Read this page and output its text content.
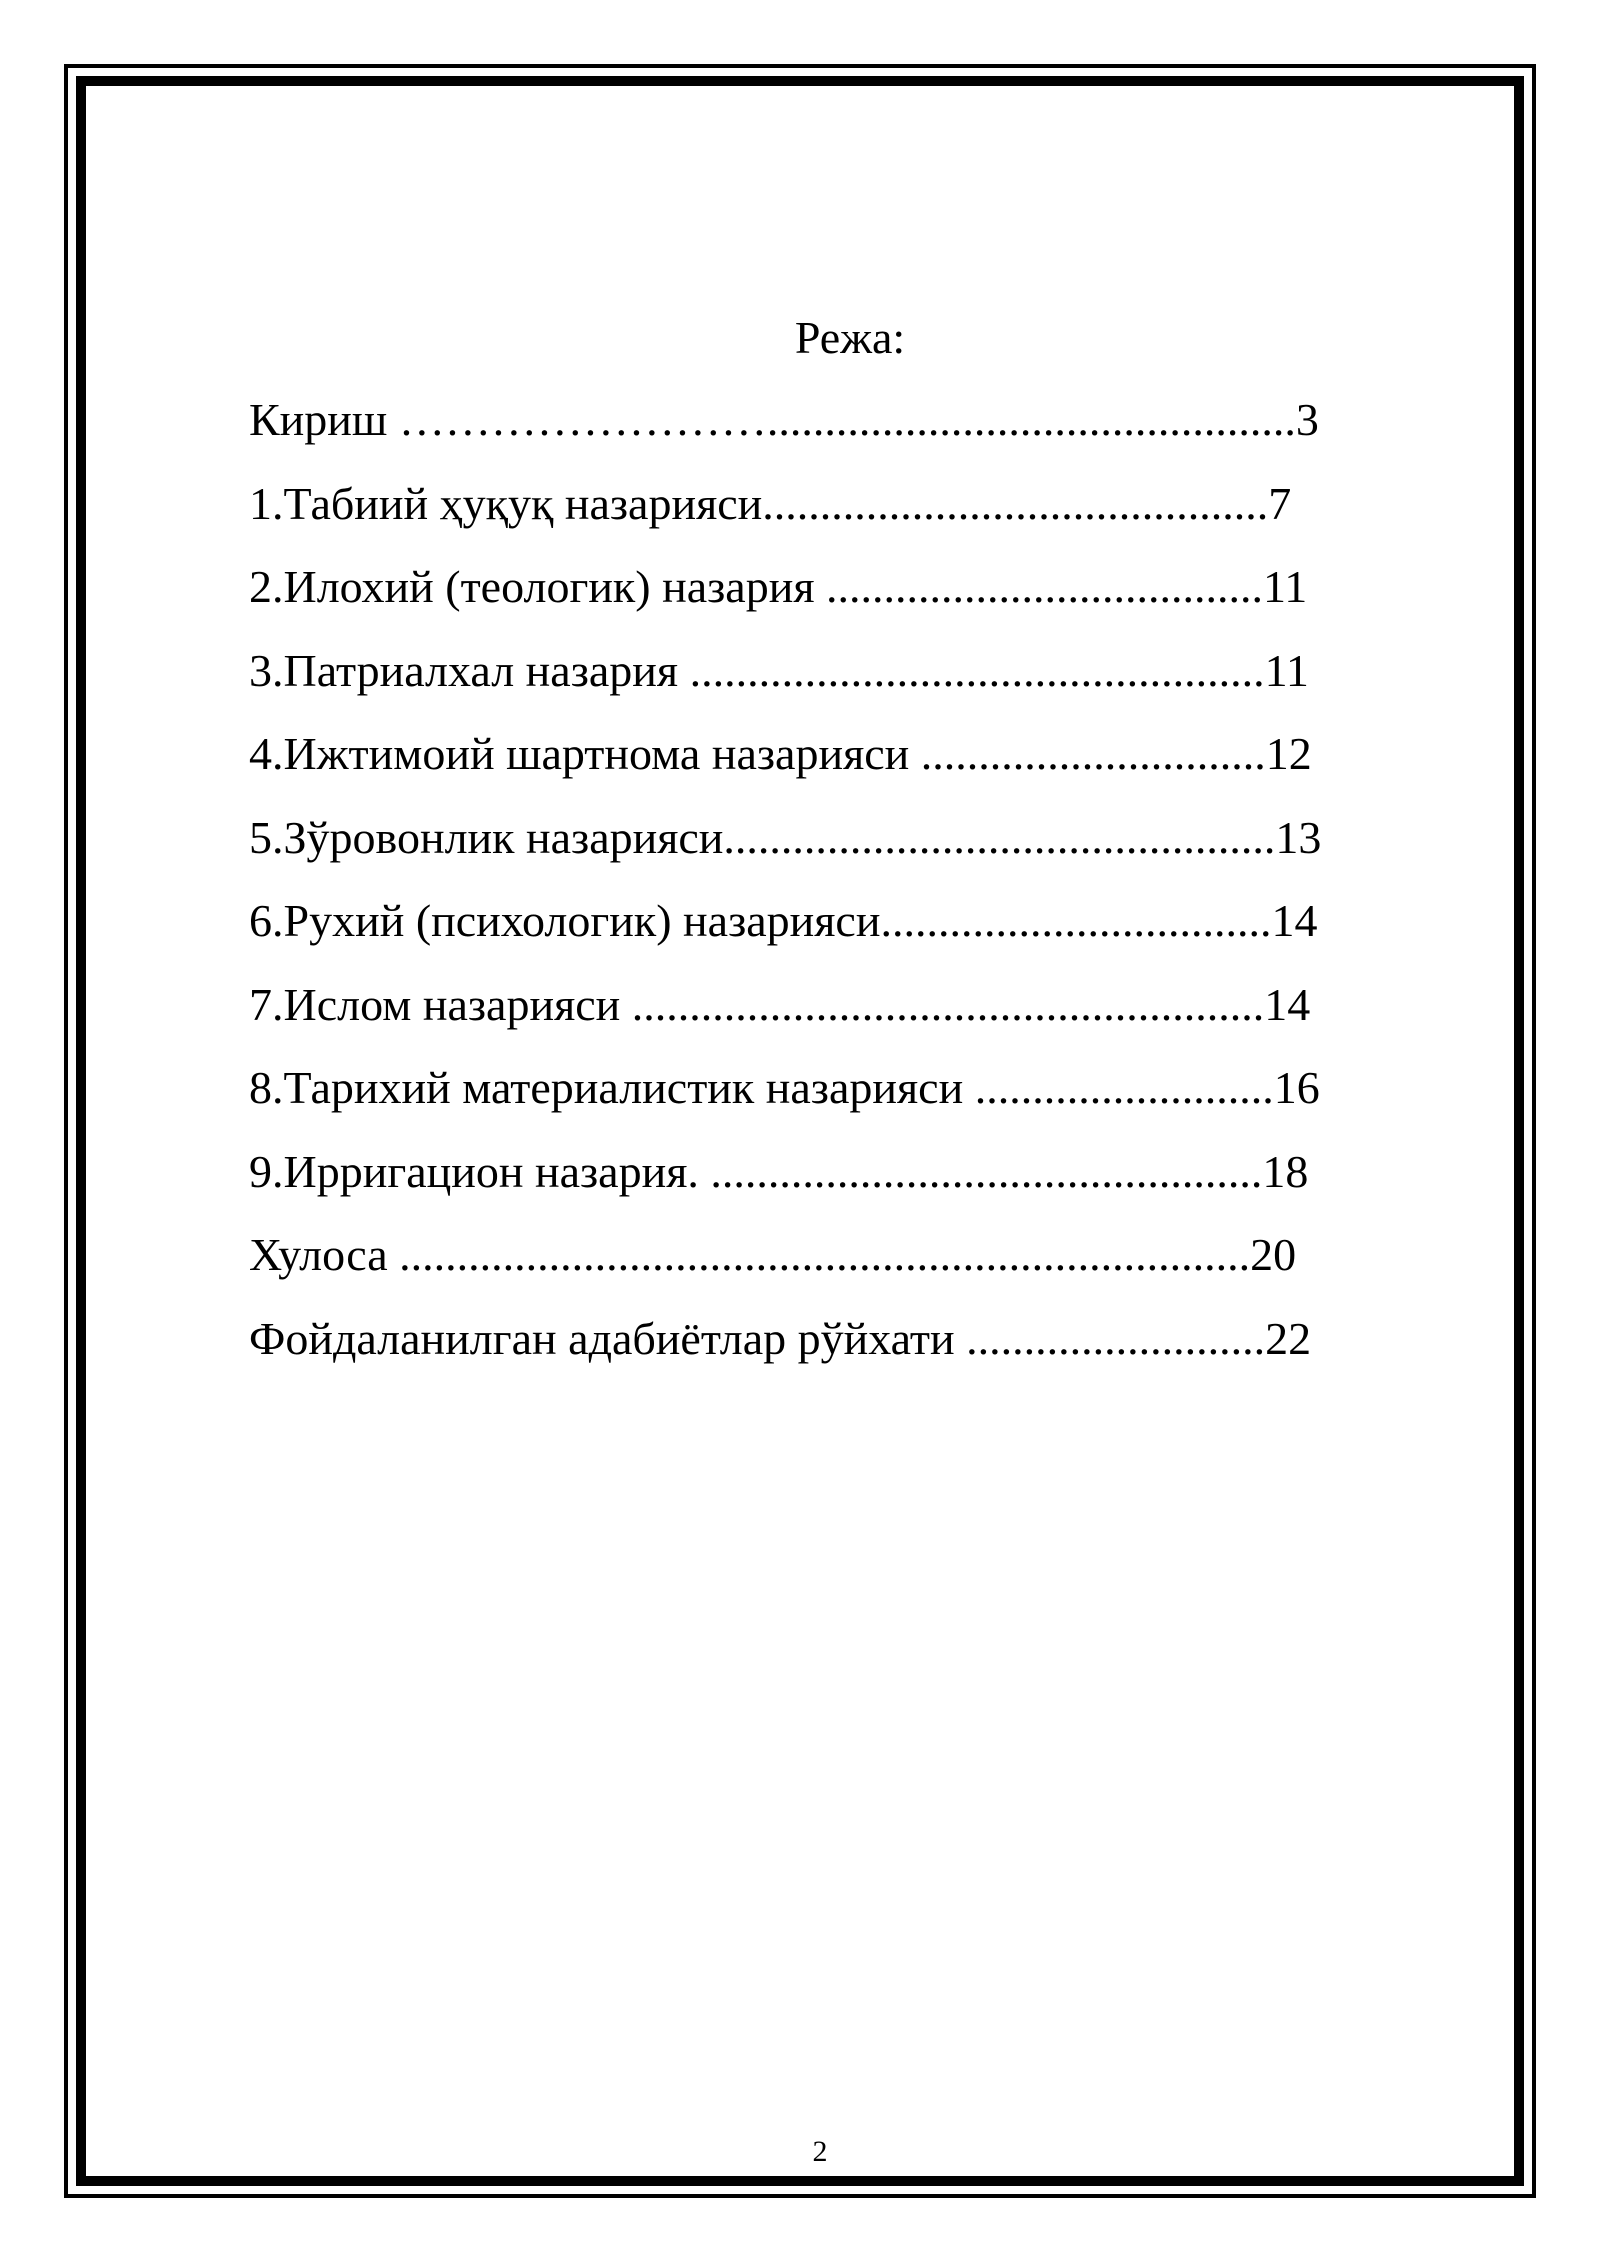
Режа:
Кириш ……………………..............................................3
1.Табиий ҳуқуқ назарияси............................................7
2.Илохий (теологик) назария ......................................11
3.Патриалхал назария ..................................................11
4.Ижтимоий шартнома назарияси ..............................12
5.Зўровонлик назарияси................................................13
6.Рухий (психологик) назарияси..................................14
7.Ислом назарияси .......................................................14
8.Тарихий материалистик назарияси ..........................16
9.Ирригацион назария. ................................................18
Хулоса ..........................................................................20
Фойдаланилган адабиётлар рўйхати ..........................22
2
